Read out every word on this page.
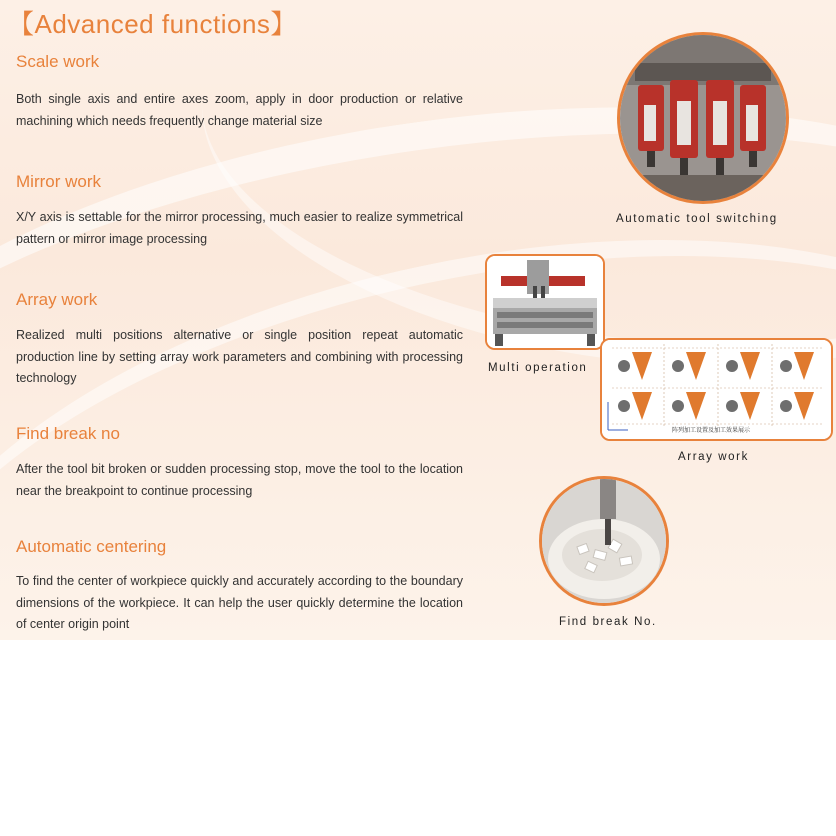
【Advanced functions】
Scale work
Both single axis and entire axes zoom, apply in door production or relative machining which needs frequently change material size
Mirror work
X/Y axis is settable for the mirror processing, much easier to realize symmetrical pattern or mirror image processing
Array work
Realized multi positions alternative or single position repeat automatic production line by setting array work parameters and combining with processing technology
Find break no
After the tool bit broken or sudden processing stop, move the tool to the location near the breakpoint to continue processing
Automatic centering
To find the center of workpiece quickly and accurately according to the boundary dimensions of the workpiece. It can help the user quickly determine the location of center origin point
Automatic tool switching
Multi operation
阵列加工设置及加工效果展示
Array work
Find break No.
